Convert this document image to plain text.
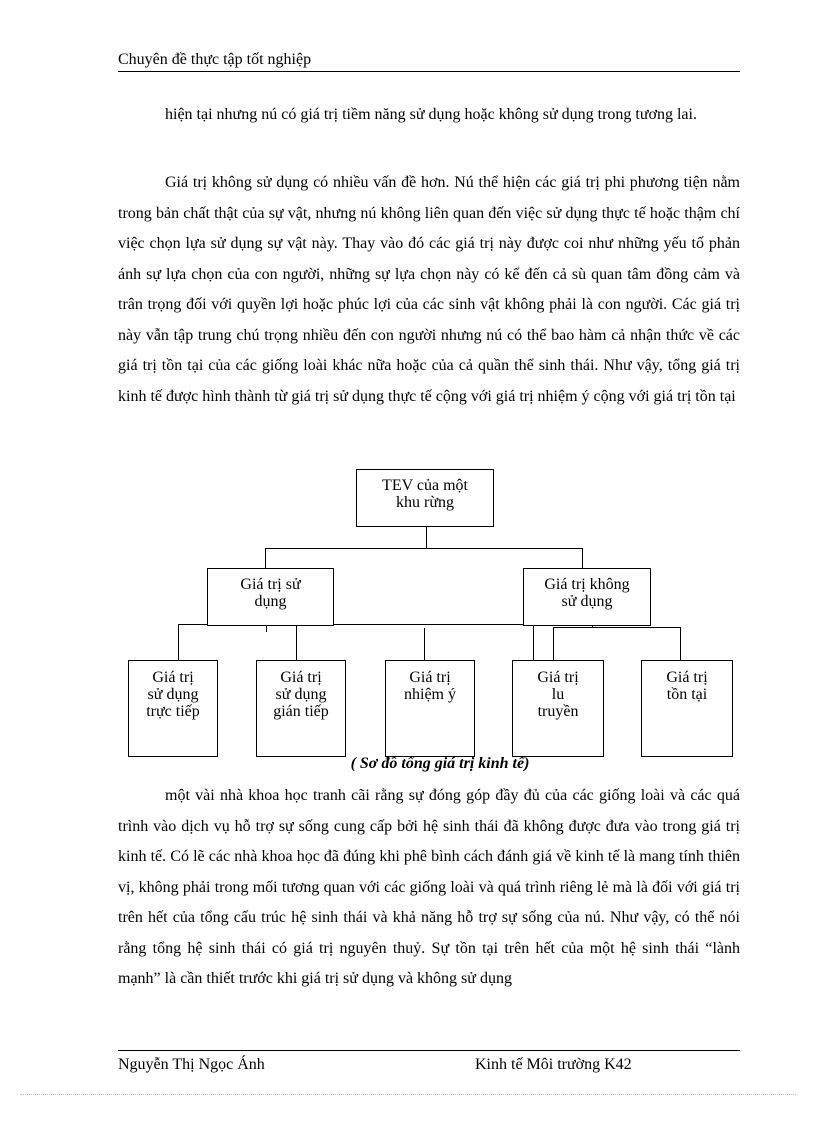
Chuyên đề thực tập tốt nghiệp

hiện tại nhưng nú có giá trị tiềm năng sử dụng hoặc không sử dụng trong tương lai.

Giá trị không sử dụng có nhiều vấn đề hơn. Nú thể hiện các giá trị phi phương tiện nằm trong bản chất thật của sự vật, nhưng nú không liên quan đến việc sử dụng thực tế hoặc thậm chí việc chọn lựa sử dụng sự vật này. Thay vào đó các giá trị này được coi như những yếu tố phản ánh sự lựa chọn của con người, những sự lựa chọn này có kể đến cả sù quan tâm đồng cảm và trân trọng đối với quyền lợi hoặc phúc lợi của các sinh vật không phải là con người. Các giá trị này vẫn tập trung chú trọng nhiều đến con người nhưng nú có thể bao hàm cả nhận thức về các giá trị tồn tại của các giống loài khác nữa hoặc của cả quần thể sinh thái. Như vậy, tổng giá trị kinh tế được hình thành từ giá trị sử dụng thực tế cộng với giá trị nhiệm ý cộng với giá trị tồn tại

TEV của một
khu rừng
Giá trị sử
dụng
Giá trị không
sử dụng
Giá trị
sử dụng
trực tiếp
Giá trị
sử dụng
gián tiếp
Giá trị
nhiệm ý
Giá trị
lu
truyền
Giá trị
tồn tại
( Sơ đồ tổng giá trị kinh tế)

một vài nhà khoa học tranh cãi rằng sự đóng góp đầy đủ của các giống loài và các quá trình vào dịch vụ hỗ trợ sự sống cung cấp bởi hệ sinh thái đã không được đưa vào trong giá trị kinh tế. Có lẽ các nhà khoa học đã đúng khi phê bình cách đánh giá về kinh tế là mang tính thiên vị, không phải trong mối tương quan với các giống loài và quá trình riêng lẻ mà là đối với giá trị trên hết của tổng cấu trúc hệ sinh thái và khả năng hỗ trợ sự sống của nú. Như vậy, có thể nói rằng tổng hệ sinh thái có giá trị nguyên thuỷ. Sự tồn tại trên hết của một hệ sinh thái “lành mạnh” là cần thiết trước khi giá trị sử dụng và không sử dụng

Nguyễn Thị Ngọc Ánh	Kinh tế Môi trường K42
